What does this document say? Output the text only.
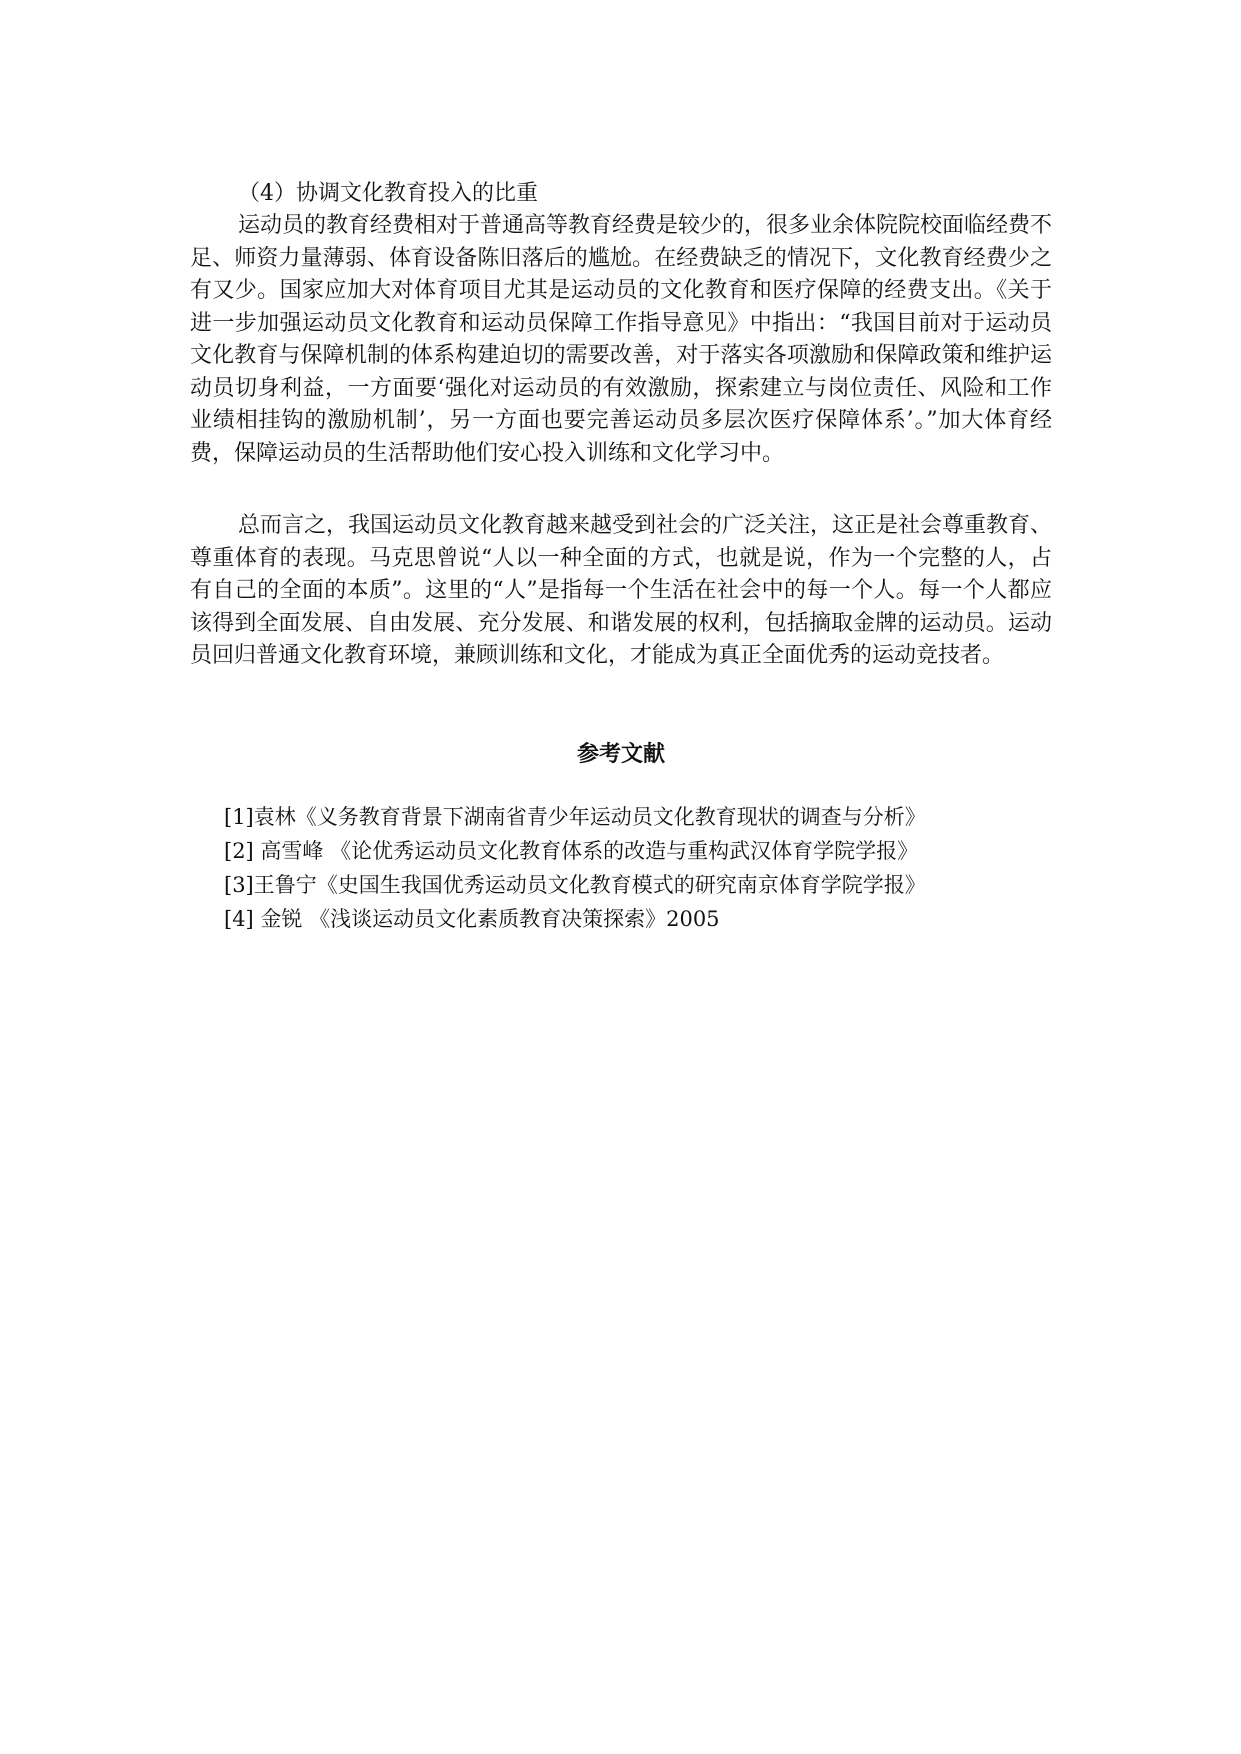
（4）协调文化教育投入的比重

运动员的教育经费相对于普通高等教育经费是较少的，很多业余体院院校面临经费不足、师资力量薄弱、体育设备陈旧落后的尴尬。在经费缺乏的情况下，文化教育经费少之有又少。国家应加大对体育项目尤其是运动员的文化教育和医疗保障的经费支出。《关于进一步加强运动员文化教育和运动员保障工作指导意见》中指出：“我国目前对于运动员文化教育与保障机制的体系构建迫切的需要改善，对于落实各项激励和保障政策和维护运动员切身利益，一方面要‘强化对运动员的有效激励，探索建立与岗位责任、风险和工作业绩相挂钩的激励机制’，另一方面也要完善运动员多层次医疗保障体系’。”加大体育经费，保障运动员的生活帮助他们安心投入训练和文化学习中。

总而言之，我国运动员文化教育越来越受到社会的广泛关注，这正是社会尊重教育、尊重体育的表现。马克思曾说“人以一种全面的方式，也就是说，作为一个完整的人，占有自己的全面的本质”。这里的“人”是指每一个生活在社会中的每一个人。每一个人都应该得到全面发展、自由发展、充分发展、和谐发展的权利，包括摘取金牌的运动员。运动员回归普通文化教育环境，兼顾训练和文化，才能成为真正全面优秀的运动竞技者。

参考文献
[1]袁林《义务教育背景下湖南省青少年运动员文化教育现状的调查与分析》
[2] 高雪峰 《论优秀运动员文化教育体系的改造与重构武汉体育学院学报》
[3]王鲁宁《史国生我国优秀运动员文化教育模式的研究南京体育学院学报》
[4] 金锐 《浅谈运动员文化素质教育决策探索》2005
